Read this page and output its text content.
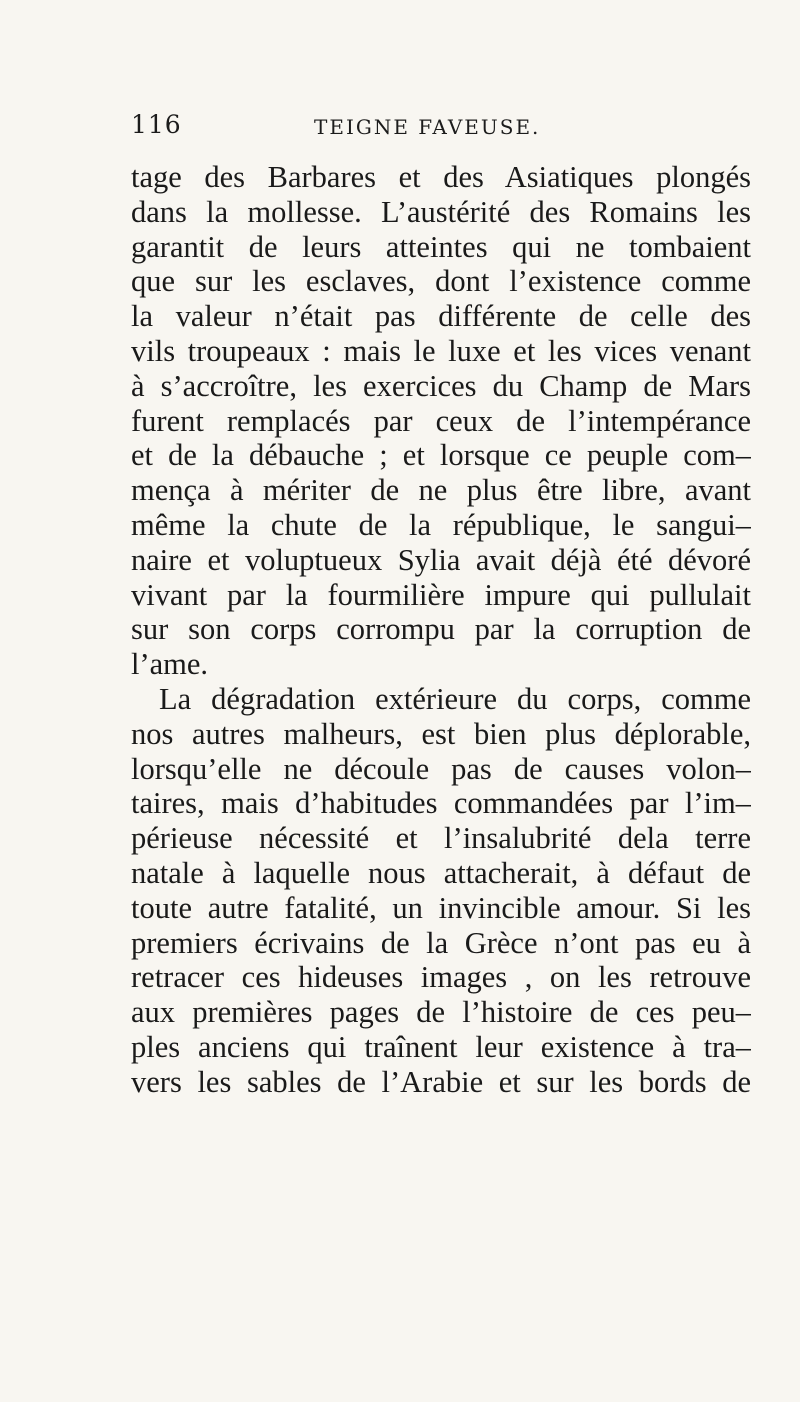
116	TEIGNE FAVEUSE.
tage des Barbares et des Asiatiques plongés
dans la mollesse. L’austérité des Romains les
garantit de leurs atteintes qui ne tombaient
que sur les esclaves, dont l’existence comme
la valeur n’était pas différente de celle des
vils troupeaux : mais le luxe et les vices venant
à s’accroître, les exercices du Champ de Mars
furent remplacés par ceux de l’intempérance
et de la débauche ; et lorsque ce peuple com–
mença à mériter de ne plus être libre, avant
même la chute de la république, le sangui–
naire et voluptueux Sylia avait déjà été dévoré
vivant par la fourmilière impure qui pullulait
sur son corps corrompu par la corruption de
l’ame.
La dégradation extérieure du corps, comme
nos autres malheurs, est bien plus déplorable,
lorsqu’elle ne découle pas de causes volon–
taires, mais d’habitudes commandées par l’im–
périeuse nécessité et l’insalubrité dela terre
natale à laquelle nous attacherait, à défaut de
toute autre fatalité, un invincible amour. Si les
premiers écrivains de la Grèce n’ont pas eu à
retracer ces hideuses images , on les retrouve
aux premières pages de l’histoire de ces peu–
ples anciens qui traînent leur existence à tra–
vers les sables de l’Arabie et sur les bords de
